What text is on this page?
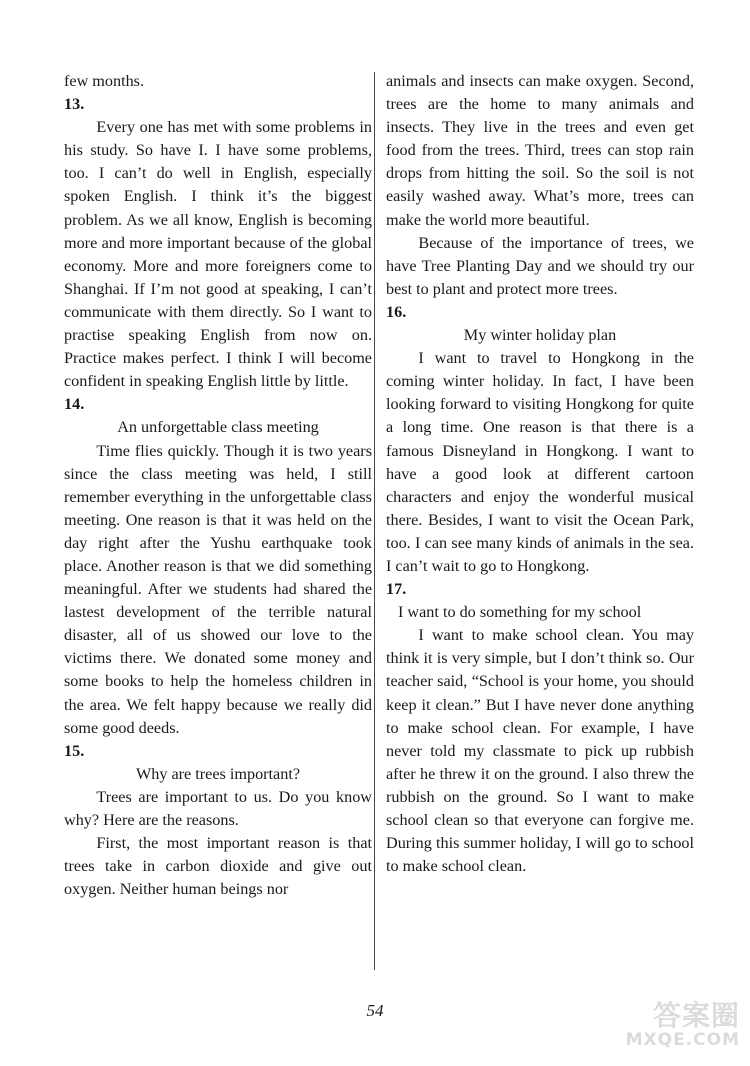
few months.

13.

Every one has met with some problems in his study. So have I. I have some problems, too. I can’t do well in English, especially spoken English. I think it’s the biggest problem. As we all know, English is becoming more and more important because of the global economy. More and more foreigners come to Shanghai. If I’m not good at speaking, I can’t communicate with them directly. So I want to practise speaking English from now on. Practice makes perfect. I think I will become confident in speaking English little by little.

14.

An unforgettable class meeting

Time flies quickly. Though it is two years since the class meeting was held, I still remember everything in the unforgettable class meeting. One reason is that it was held on the day right after the Yushu earthquake took place. Another reason is that we did something meaningful. After we students had shared the lastest development of the terrible natural disaster, all of us showed our love to the victims there. We donated some money and some books to help the homeless children in the area. We felt happy because we really did some good deeds.

15.

Why are trees important?

Trees are important to us. Do you know why? Here are the reasons.

First, the most important reason is that trees take in carbon dioxide and give out oxygen. Neither human beings nor

animals and insects can make oxygen. Second, trees are the home to many animals and insects. They live in the trees and even get food from the trees. Third, trees can stop rain drops from hitting the soil. So the soil is not easily washed away. What’s more, trees can make the world more beautiful.

Because of the importance of trees, we have Tree Planting Day and we should try our best to plant and protect more trees.

16.

My winter holiday plan

I want to travel to Hongkong in the coming winter holiday. In fact, I have been looking forward to visiting Hongkong for quite a long time. One reason is that there is a famous Disneyland in Hongkong. I want to have a good look at different cartoon characters and enjoy the wonderful musical there. Besides, I want to visit the Ocean Park, too. I can see many kinds of animals in the sea. I can’t wait to go to Hongkong.

17.

I want to do something for my school

I want to make school clean. You may think it is very simple, but I don’t think so. Our teacher said, “School is your home, you should keep it clean.” But I have never done anything to make school clean. For example, I have never told my classmate to pick up rubbish after he threw it on the ground. I also threw the rubbish on the ground. So I want to make school clean so that everyone can forgive me. During this summer holiday, I will go to school to make school clean.

54	答案圈
MXQE.COM
